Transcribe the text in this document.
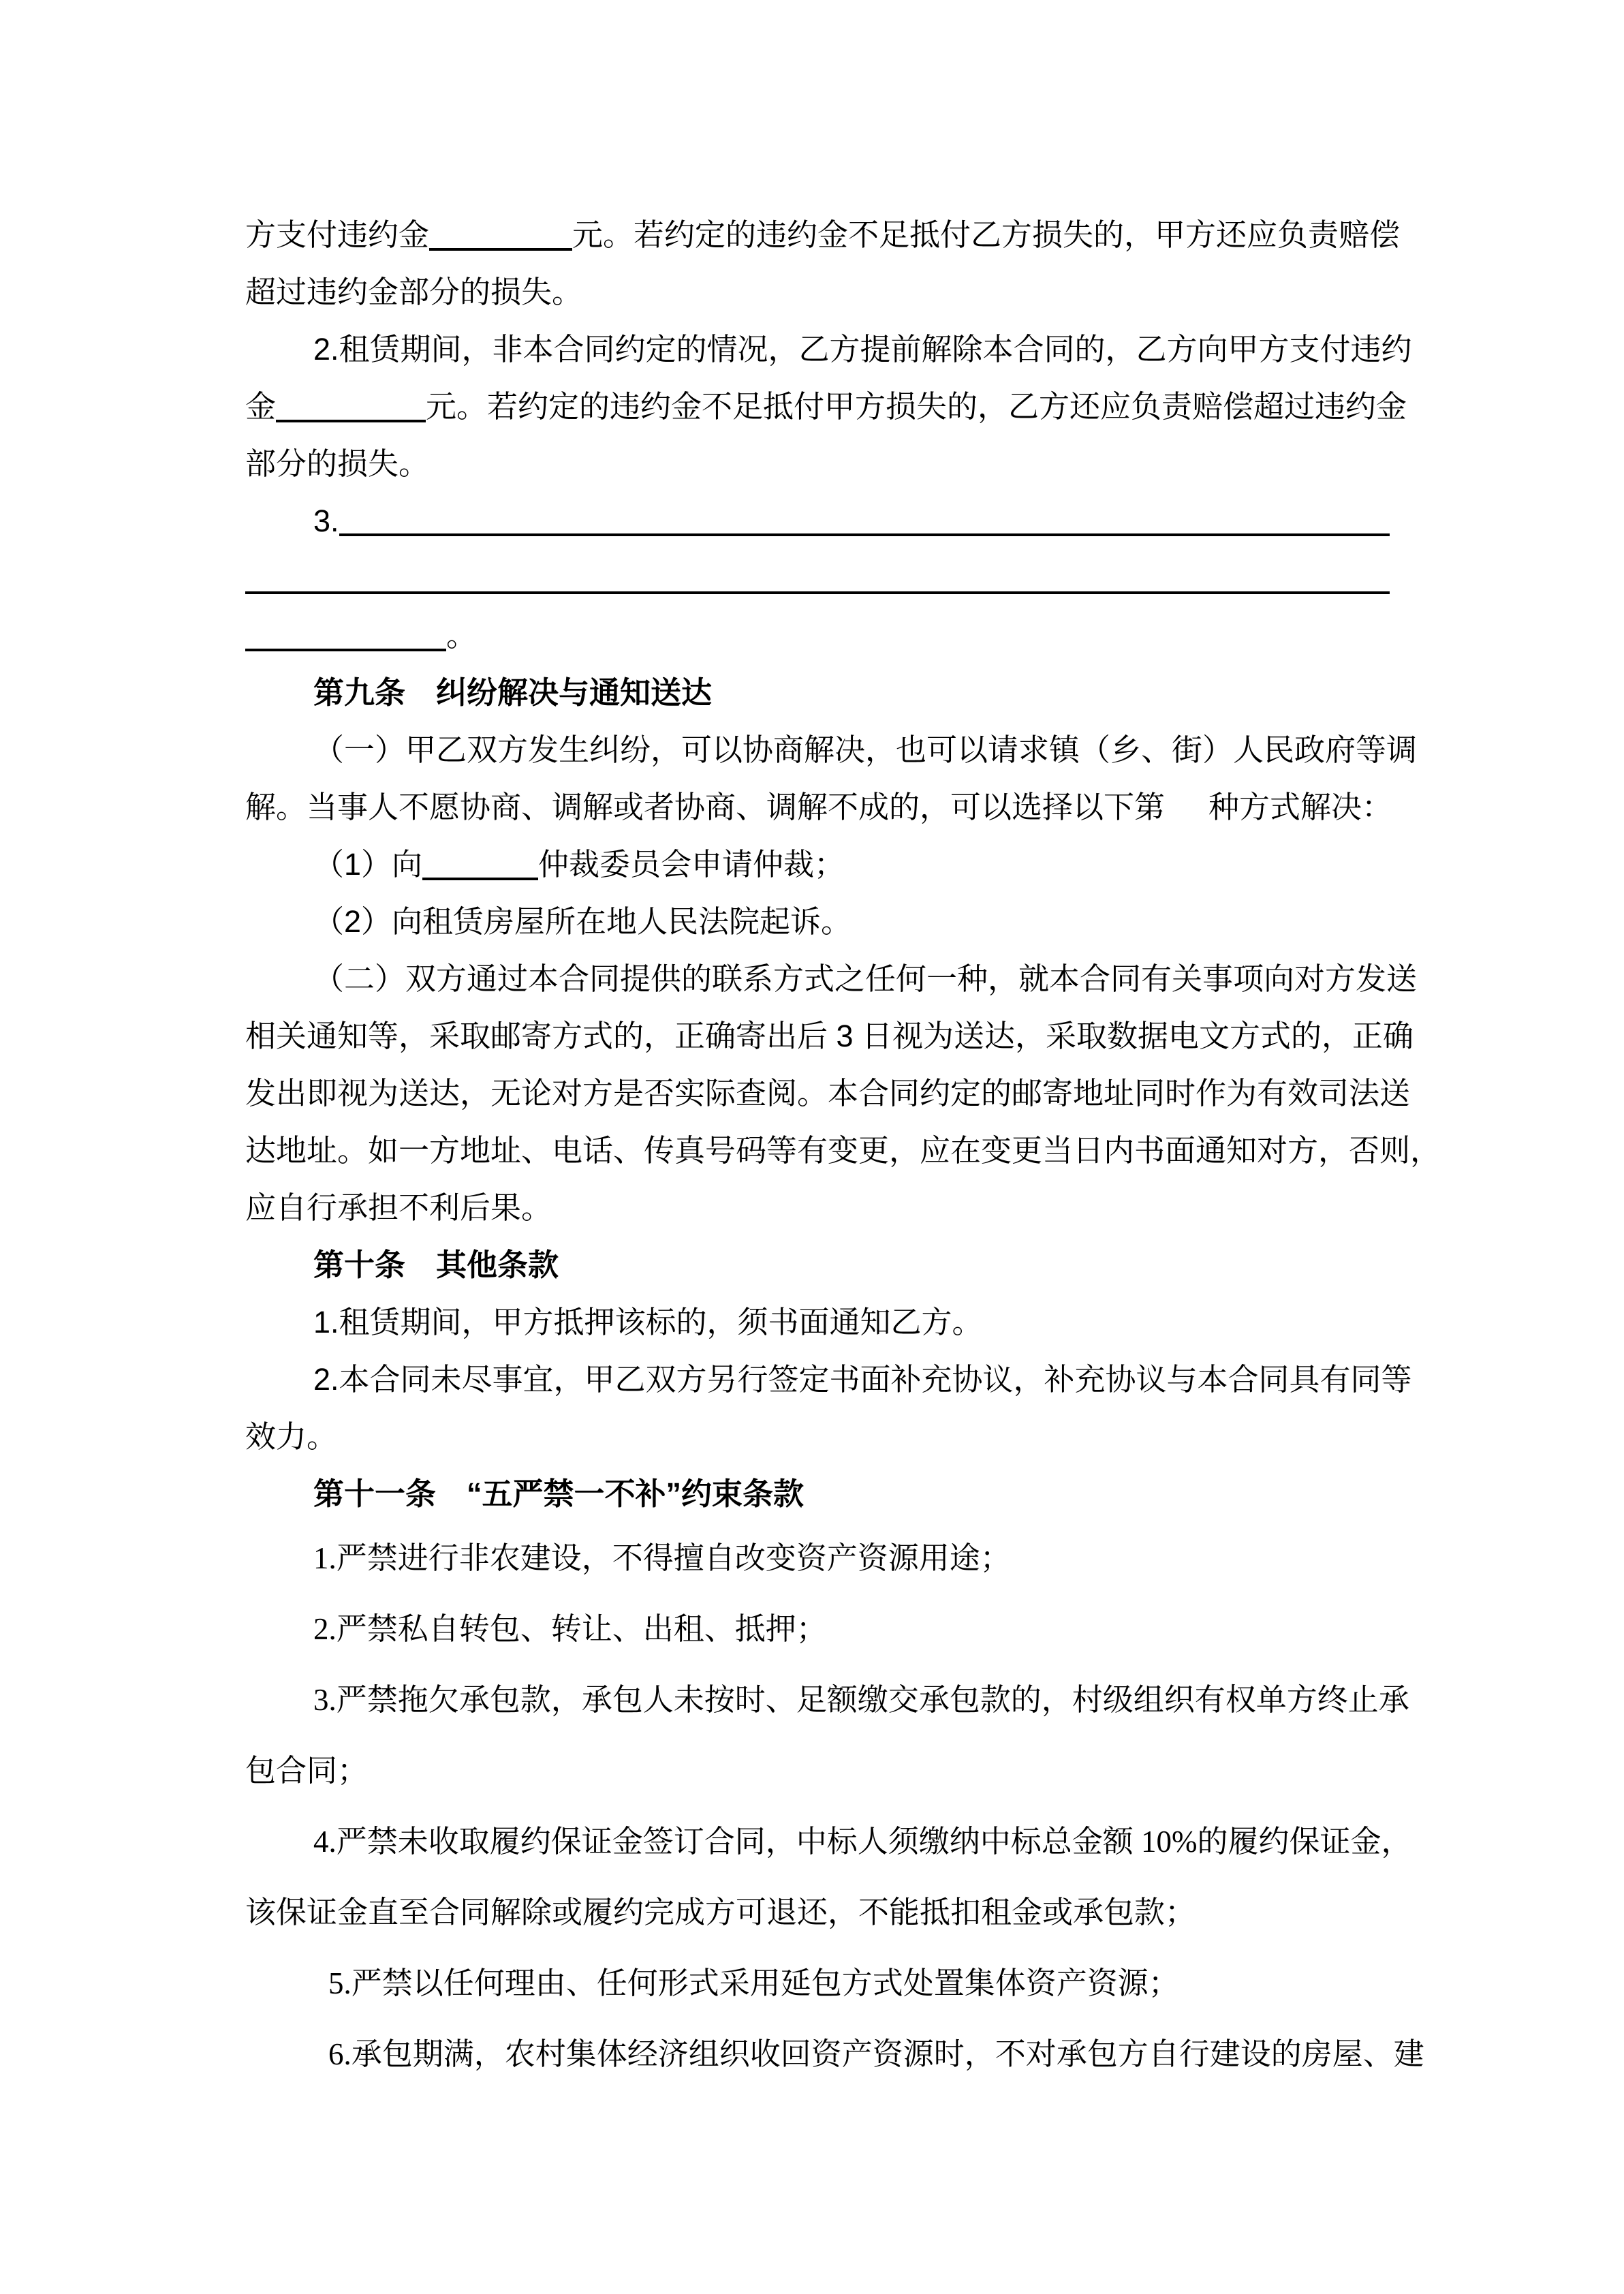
方支付违约金	元。若约定的违约金不足抵付乙方损失的，甲方还应负责赔偿
超过违约金部分的损失。
2.租赁期间，非本合同约定的情况，乙方提前解除本合同的，乙方向甲方支付违约
金	元。若约定的违约金不足抵付甲方损失的，乙方还应负责赔偿超过违约金
部分的损失。
3.
。
第九条　纠纷解决与通知送达
（一）甲乙双方发生纠纷，可以协商解决，也可以请求镇（乡、街）人民政府等调
解。当事人不愿协商、调解或者协商、调解不成的，可以选择以下第 种方式解决：
（1）向	仲裁委员会申请仲裁；
（2）向租赁房屋所在地人民法院起诉。
（二）双方通过本合同提供的联系方式之任何一种，就本合同有关事项向对方发送
相关通知等，采取邮寄方式的，正确寄出后 3 日视为送达，采取数据电文方式的，正确
发出即视为送达，无论对方是否实际查阅。本合同约定的邮寄地址同时作为有效司法送
达地址。如一方地址、电话、传真号码等有变更，应在变更当日内书面通知对方，否则，
应自行承担不利后果。
第十条　其他条款
1.租赁期间，甲方抵押该标的，须书面通知乙方。
2.本合同未尽事宜，甲乙双方另行签定书面补充协议，补充协议与本合同具有同等
效力。
第十一条　“五严禁一不补”约束条款
1.严禁进行非农建设，不得擅自改变资产资源用途；
2.严禁私自转包、转让、出租、抵押；
3.严禁拖欠承包款，承包人未按时、足额缴交承包款的，村级组织有权单方终止承
包合同；
4.严禁未收取履约保证金签订合同，中标人须缴纳中标总金额 10%的履约保证金，
该保证金直至合同解除或履约完成方可退还，不能抵扣租金或承包款；
5.严禁以任何理由、任何形式采用延包方式处置集体资产资源；
6.承包期满，农村集体经济组织收回资产资源时，不对承包方自行建设的房屋、建
